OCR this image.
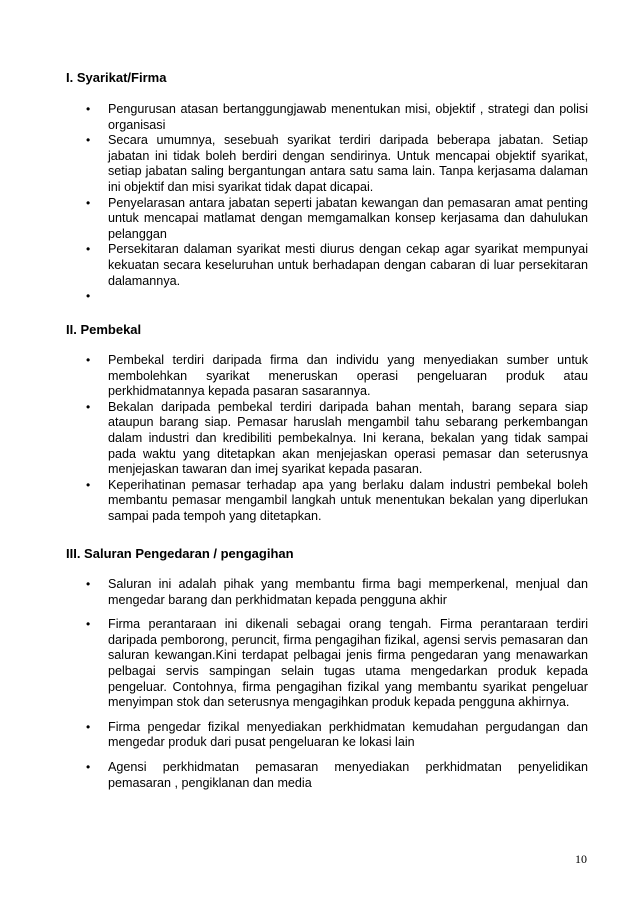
I. Syarikat/Firma
• Pengurusan atasan bertanggungjawab menentukan misi, objektif , strategi dan polisi organisasi
• Secara umumnya, sesebuah syarikat terdiri daripada beberapa jabatan. Setiap jabatan ini tidak boleh berdiri dengan sendirinya. Untuk mencapai objektif syarikat, setiap jabatan saling bergantungan antara satu sama lain. Tanpa kerjasama dalaman ini objektif dan misi syarikat tidak dapat dicapai.
• Penyelarasan antara jabatan seperti jabatan kewangan dan pemasaran amat penting untuk mencapai matlamat dengan memgamalkan konsep kerjasama dan dahulukan pelanggan
• Persekitaran dalaman syarikat mesti diurus dengan cekap agar syarikat mempunyai kekuatan secara keseluruhan untuk berhadapan dengan cabaran di luar persekitaran dalamannya.
•
II. Pembekal
• Pembekal terdiri daripada firma dan individu yang menyediakan sumber untuk membolehkan syarikat meneruskan operasi pengeluaran produk atau perkhidmatannya kepada pasaran sasarannya.
• Bekalan daripada pembekal terdiri daripada bahan mentah, barang separa siap ataupun barang siap. Pemasar haruslah mengambil tahu sebarang perkembangan dalam industri dan kredibiliti pembekalnya. Ini kerana, bekalan yang tidak sampai pada waktu yang ditetapkan akan menjejaskan operasi pemasar dan seterusnya menjejaskan tawaran dan imej syarikat kepada pasaran.
• Keperihatinan pemasar terhadap apa yang berlaku dalam industri pembekal boleh membantu pemasar mengambil langkah untuk menentukan bekalan yang diperlukan sampai pada tempoh yang ditetapkan.
III. Saluran Pengedaran / pengagihan
• Saluran ini adalah pihak yang membantu firma bagi memperkenal, menjual dan mengedar barang dan perkhidmatan kepada pengguna akhir
• Firma perantaraan ini dikenali sebagai orang tengah. Firma perantaraan terdiri daripada pemborong, peruncit, firma pengagihan fizikal, agensi servis pemasaran dan saluran kewangan.Kini terdapat pelbagai jenis firma pengedaran yang menawarkan pelbagai servis sampingan selain tugas utama mengedarkan produk kepada pengeluar. Contohnya, firma pengagihan fizikal yang membantu syarikat pengeluar menyimpan stok dan seterusnya mengagihkan produk kepada pengguna akhirnya.
• Firma pengedar fizikal menyediakan perkhidmatan kemudahan pergudangan dan mengedar produk dari pusat pengeluaran ke lokasi lain
• Agensi perkhidmatan pemasaran menyediakan perkhidmatan penyelidikan pemasaran , pengiklanan dan media
10
